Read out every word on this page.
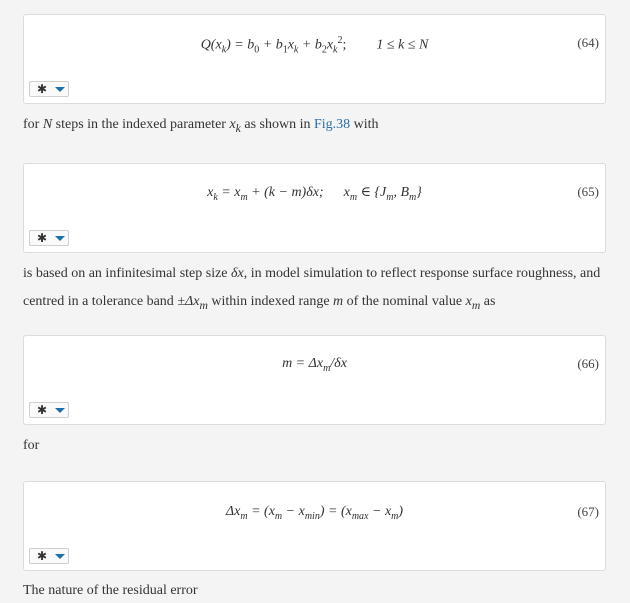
$Q(x_k) = b_0 + b_1x_k + b_2x_k^2$; 1 ≤ k ≤ N	(64)
✱
for N steps in the indexed parameter $x_k$ as shown in Fig.38 with
$x_k = x_m + (k - m)\delta x$; $x_m$ ∈ {$J_m$, $B_m$}	(65)
✱
is based on an infinitesimal step size δx, in model simulation to reflect response surface roughness, and
centred in a tolerance band $\pm\Delta x_m$ within indexed range m of the nominal value $x_m$ as
$m = \Delta x_m/\delta x$	(66)
✱
for
$\Delta x_m = (x_m - x_{min}) = (x_{max} - x_m)$	(67)
✱
The nature of the residual error
